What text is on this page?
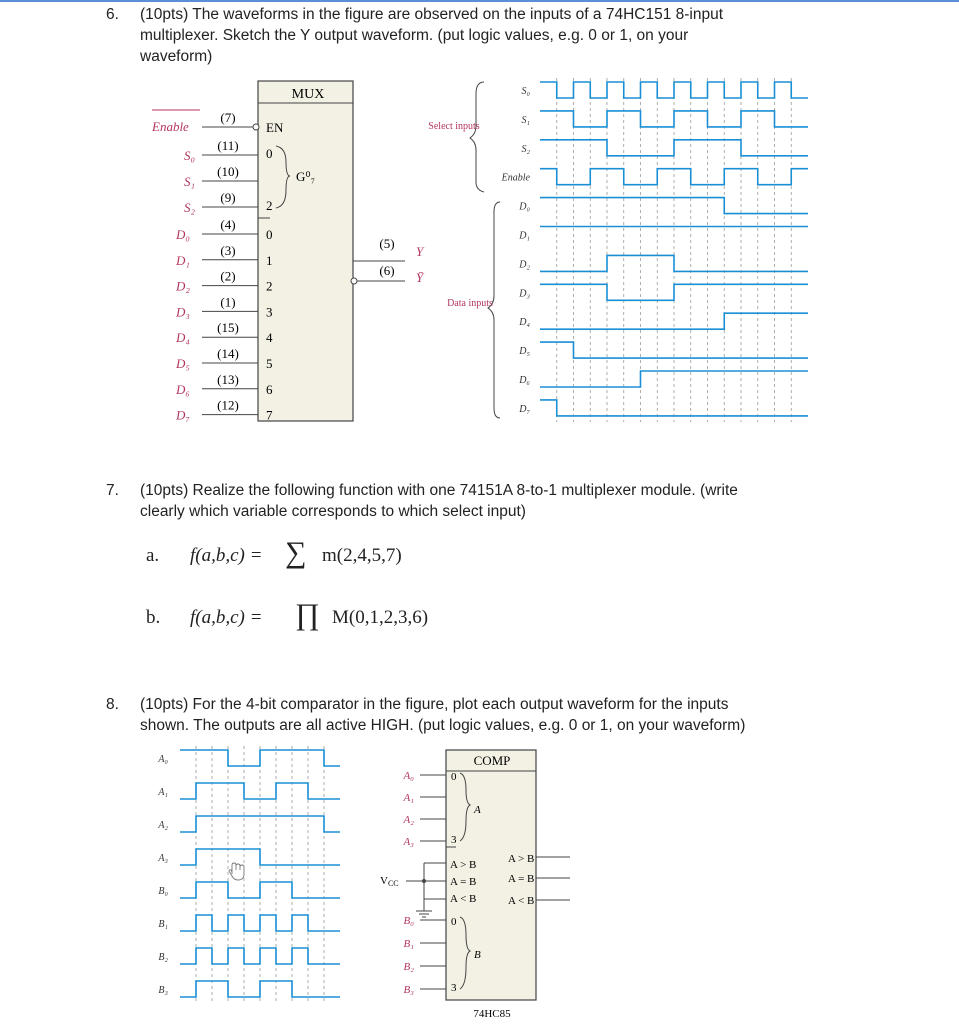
6. (10pts) The waveforms in the figure are observed on the inputs of a 74HC151 8-input
multiplexer. Sketch the Y output waveform. (put logic values, e.g. 0 or 1, on your
waveform)
MUX
Enable
(7)
EN
(11)
S₀
(10)
S₁
(9)
S₂
(4)
D₀	0
(3)
D₁	1
(2)
D₂	2
(1)
D₃	3
(15)
D₄	4
(14)
D₅	5
(13)
D₆	6
(12)
D₇	7
0
2
G⁰₇
(5)
(6)
Y
Ȳ
Select inputs
Data inputs
S₀
S₁
S₂
Enable
D₀
D₁
D₂
D₃
D₄
D₅
D₆
D₇
7. (10pts) Realize the following function with one 74151A 8-to-1 multiplexer module. (write
clearly which variable corresponds to which select input)
a. f(a,b,c) = ∑ m(2,4,5,7)
b. f(a,b,c) = ∏ M(0,1,2,3,6)
8. (10pts) For the 4-bit comparator in the figure, plot each output waveform for the inputs
shown. The outputs are all active HIGH. (put logic values, e.g. 0 or 1, on your waveform)
A₀
A₁
A₂
A₃
B₀
B₁
B₂
B₃
COMP
A₀
A₁
A₂
A₃
B₀
B₁
B₂
B₃
0
3
A
A > B
A = B
A < B
A > B
A = B
A < B
VCC
0
3
B
74HC85
